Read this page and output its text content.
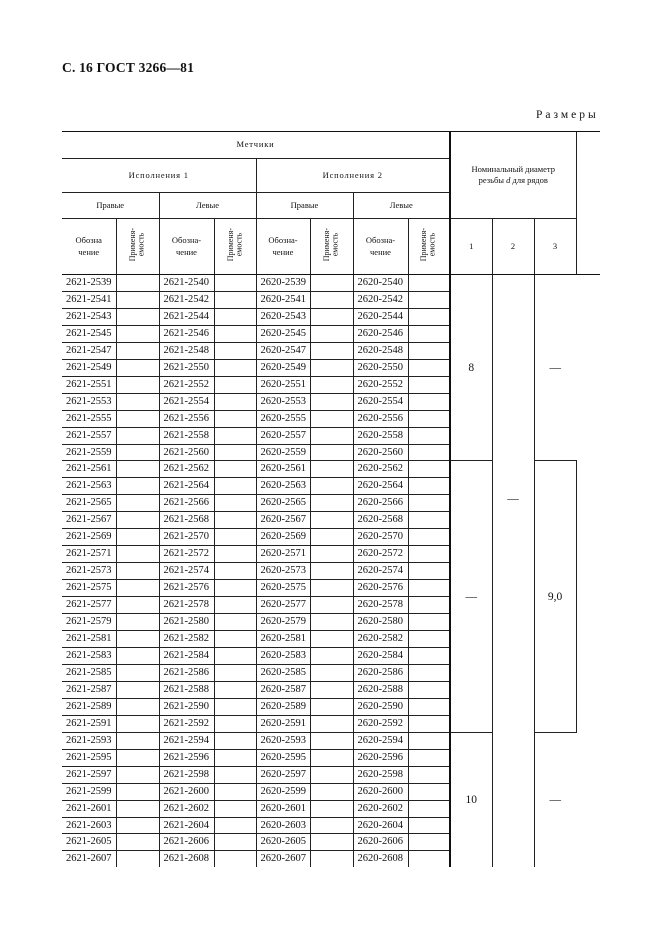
С. 16 ГОСТ 3266—81
Размеры
Метчики								Номинальный диаметр
резьбы d для рядов			
Исполнения 1				Исполнения 2							
Правые		Левые		Правые		Левые					
Обозна
чение	Применя-
емость	Обозна-
чение	Применя-
емость	Обозна-
чение	Применя-
емость	Обозна-
чение	Применя-
емость	1	2	3	
2621-2539		2621-2540		2620-2539		2620-2540		8	—	—	
2621-2541		2621-2542		2620-2541		2620-2542					
2621-2543		2621-2544		2620-2543		2620-2544					
2621-2545		2621-2546		2620-2545		2620-2546					
2621-2547		2621-2548		2620-2547		2620-2548					
2621-2549		2621-2550		2620-2549		2620-2550					
2621-2551		2621-2552		2620-2551		2620-2552					
2621-2553		2621-2554		2620-2553		2620-2554					
2621-2555		2621-2556		2620-2555		2620-2556					
2621-2557		2621-2558		2620-2557		2620-2558					
2621-2559		2621-2560		2620-2559		2620-2560					
2621-2561		2621-2562		2620-2561		2620-2562		—		9,0	
2621-2563		2621-2564		2620-2563		2620-2564					
2621-2565		2621-2566		2620-2565		2620-2566					
2621-2567		2621-2568		2620-2567		2620-2568					
2621-2569		2621-2570		2620-2569		2620-2570					
2621-2571		2621-2572		2620-2571		2620-2572					
2621-2573		2621-2574		2620-2573		2620-2574					
2621-2575		2621-2576		2620-2575		2620-2576					
2621-2577		2621-2578		2620-2577		2620-2578					
2621-2579		2621-2580		2620-2579		2620-2580					
2621-2581		2621-2582		2620-2581		2620-2582					
2621-2583		2621-2584		2620-2583		2620-2584					
2621-2585		2621-2586		2620-2585		2620-2586					
2621-2587		2621-2588		2620-2587		2620-2588					
2621-2589		2621-2590		2620-2589		2620-2590					
2621-2591		2621-2592		2620-2591		2620-2592					
2621-2593		2621-2594		2620-2593		2620-2594		10		—	
2621-2595		2621-2596		2620-2595		2620-2596					
2621-2597		2621-2598		2620-2597		2620-2598					
2621-2599		2621-2600		2620-2599		2620-2600					
2621-2601		2621-2602		2620-2601		2620-2602					
2621-2603		2621-2604		2620-2603		2620-2604					
2621-2605		2621-2606		2620-2605		2620-2606					
2621-2607		2621-2608		2620-2607		2620-2608					
